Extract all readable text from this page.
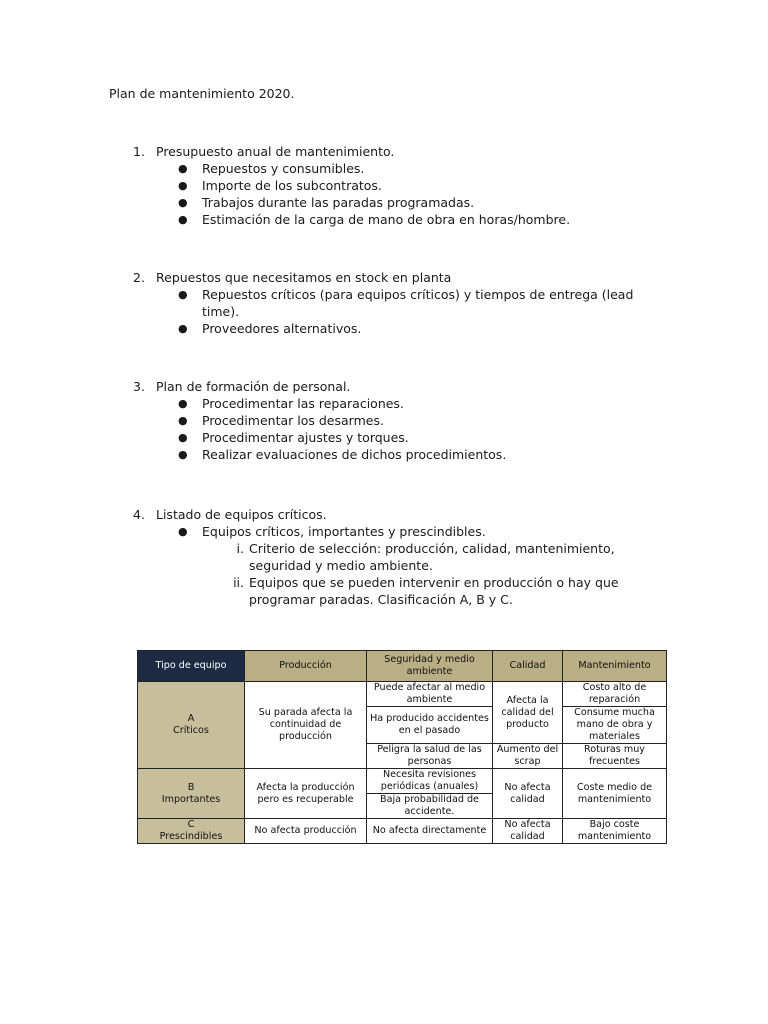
Plan de mantenimiento 2020.
1. Presupuesto anual de mantenimiento.
● Repuestos y consumibles.
● Importe de los subcontratos.
● Trabajos durante las paradas programadas.
● Estimación de la carga de mano de obra en horas/hombre.
2. Repuestos que necesitamos en stock en planta
● Repuestos críticos (para equipos críticos) y tiempos de entrega (lead time).
● Proveedores alternativos.
3. Plan de formación de personal.
● Procedimentar las reparaciones.
● Procedimentar los desarmes.
● Procedimentar ajustes y torques.
● Realizar evaluaciones de dichos procedimientos.
4. Listado de equipos críticos.
● Equipos críticos, importantes y prescindibles.
i. Criterio de selección: producción, calidad, mantenimiento, seguridad y medio ambiente.
ii. Equipos que se pueden intervenir en producción o hay que programar paradas. Clasificación A, B y C.
Tipo de equipo	Producción	Seguridad y medio ambiente	Calidad	Mantenimiento

A
Críticos	Su parada afecta la continuidad de producción	Puede afectar al medio ambiente	Afecta la calidad del producto	Costo alto de reparación
		Ha producido accidentes en el pasado		Consume mucha mano de obra y materiales
		Peligra la salud de las personas	Aumento del scrap	Roturas muy frecuentes

B
Importantes	Afecta la producción pero es recuperable	Necesita revisiones periódicas (anuales)	No afecta calidad	Coste medio de mantenimiento
		Baja probabilidad de accidente.		

C
Prescindibles	No afecta producción	No afecta directamente	No afecta calidad	Bajo coste mantenimiento
